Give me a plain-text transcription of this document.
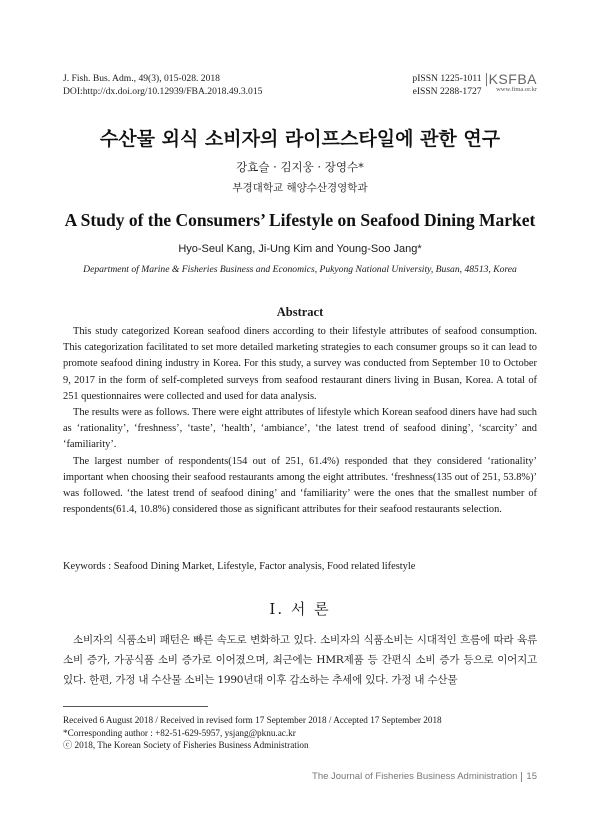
J. Fish. Bus. Adm., 49(3), 015-028. 2018
DOI:http://dx.doi.org/10.12939/FBA.2018.49.3.015
pISSN 1225-1011
eISSN 2288-1727
KSFBA
www.fima.or.kr
수산물 외식 소비자의 라이프스타일에 관한 연구
강효슬 · 김지웅 · 장영수*
부경대학교 해양수산경영학과
A Study of the Consumers’ Lifestyle on Seafood Dining Market
Hyo-Seul Kang, Ji-Ung Kim and Young-Soo Jang*
Department of Marine & Fisheries Business and Economics, Pukyong National University, Busan, 48513, Korea
Abstract

This study categorized Korean seafood diners according to their lifestyle attributes of seafood consumption. This categorization facilitated to set more detailed marketing strategies to each consumer groups so it can lead to promote seafood dining industry in Korea. For this study, a survey was conducted from September 10 to October 9, 2017 in the form of self-completed surveys from seafood restaurant diners living in Busan, Korea. A total of 251 questionnaires were collected and used for data analysis.

The results were as follows. There were eight attributes of lifestyle which Korean seafood diners have had such as ‘rationality’, ‘freshness’, ‘taste’, ‘health’, ‘ambiance’, ‘the latest trend of seafood dining’, ‘scarcity’ and ‘familiarity’.

The largest number of respondents(154 out of 251, 61.4%) responded that they considered ‘rationality’ important when choosing their seafood restaurants among the eight attributes. ‘freshness(135 out of 251, 53.8%)’ was followed. ‘the latest trend of seafood dining’ and ‘familiarity’ were the ones that the smallest number of respondents(61.4, 10.8%) considered those as significant attributes for their seafood restaurants selection.

Keywords : Seafood Dining Market, Lifestyle, Factor analysis, Food related lifestyle
Ⅰ. 서 론

소비자의 식품소비 패턴은 빠른 속도로 변화하고 있다. 소비자의 식품소비는 시대적인 흐름에 따라 육류 소비 증가, 가공식품 소비 증가로 이어졌으며, 최근에는 HMR제품 등 간편식 소비 증가 등으로 이어지고 있다. 한편, 가정 내 수산물 소비는 1990년대 이후 감소하는 추세에 있다. 가정 내 수산물

Received 6 August 2018 / Received in revised form 17 September 2018 / Accepted 17 September 2018
*Corresponding author : +82-51-629-5957, ysjang@pknu.ac.kr
ⓒ 2018, The Korean Society of Fisheries Business Administration
The Journal of Fisheries Business Administration 15
